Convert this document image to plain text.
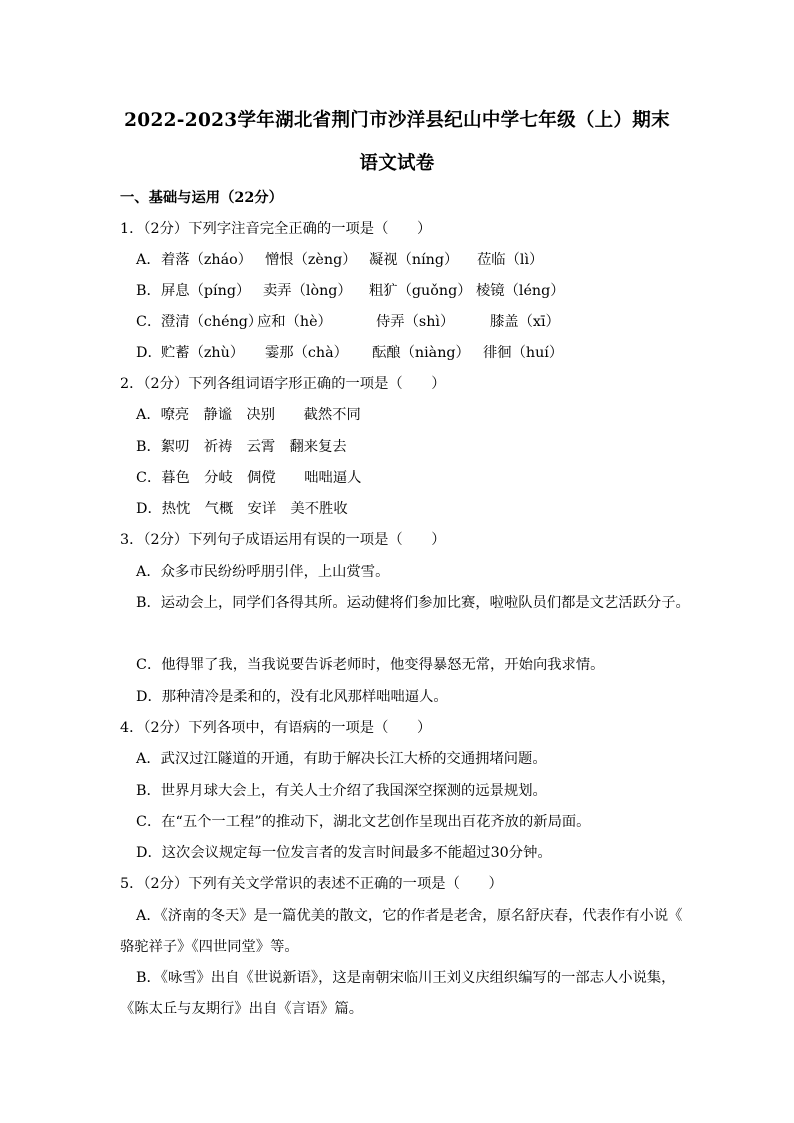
2022-2023学年湖北省荆门市沙洋县纪山中学七年级（上）期末
语文试卷
一、基础与运用（22分）
1．（2分）下列字注音完全正确的一项是（　　）
A． 着落（zháo） 憎恨（zèng） 凝视（níng） 莅临（lì）
B． 屏息（píng） 卖弄（lòng） 粗犷（guǒng） 棱镜（léng）
C． 澄清（chéng）
应和（hè）	侍弄（shì） 膝盖（xī）
D． 贮蓄（zhù） 霎那（chà） 酝酿（niàng） 徘徊（huí）
2．（2分）下列各组词语字形正确的一项是（　　）
A．嘹亮　静谧　决别　　截然不同
B．絮叨　祈祷　云霄　翻来复去
C．暮色　分岐　倜傥　　咄咄逼人
D．热忱　气概　安详　美不胜收
3．（2分）下列句子成语运用有误的一项是（　　）
A．众多市民纷纷呼朋引伴，上山赏雪。
B．运动会上，同学们各得其所。运动健将们参加比赛，啦啦队员们都是文艺活跃分子。
C．他得罪了我，当我说要告诉老师时，他变得暴怒无常，开始向我求情。
D．那种清冷是柔和的，没有北风那样咄咄逼人。
4．（2分）下列各项中，有语病的一项是（　　）
A．武汉过江隧道的开通，有助于解决长江大桥的交通拥堵问题。
B．世界月球大会上，有关人士介绍了我国深空探测的远景规划。
C．在“五个一工程”的推动下，湖北文艺创作呈现出百花齐放的新局面。
D．这次会议规定每一位发言者的发言时间最多不能超过30分钟。
5．（2分）下列有关文学常识的表述不正确的一项是（　　）
A．《济南的冬天》是一篇优美的散文，它的作者是老舍，原名舒庆春，代表作有小说《
骆驼祥子》《四世同堂》等。
B．《咏雪》出自《世说新语》，这是南朝宋临川王刘义庆组织编写的一部志人小说集，
《陈太丘与友期行》出自《言语》篇。
